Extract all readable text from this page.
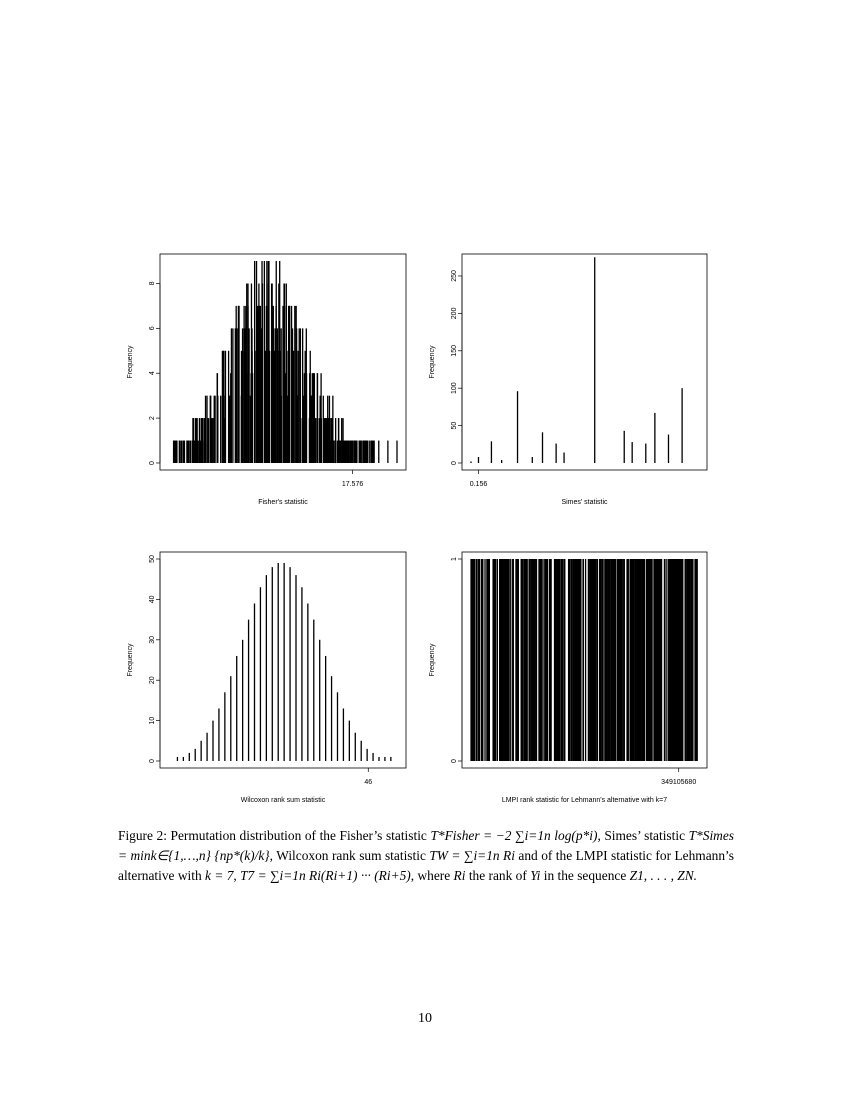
0
2
4
6
8
17.576
Fisher's statistic
Frequency
0
50
100
150
200
250
0.156
Simes' statistic
Frequency
0
10
20
30
40
50
46
Wilcoxon rank sum statistic
Frequency
0
1
349105680
LMPI rank statistic for Lehmann's alternative with k=7
Frequency
Figure 2: Permutation distribution of the Fisher’s statistic T*Fisher = −2 ∑i=1n log(p*i), Simes’ statistic T*Simes = mink∈{1,…,n} {np*(k)/k}, Wilcoxon rank sum statistic TW = ∑i=1n Ri and of the LMPI statistic for Lehmann’s alternative with k = 7, T7 = ∑i=1n Ri(Ri+1) ··· (Ri+5), where Ri the rank of Yi in the sequence Z1, . . . , ZN.
10
